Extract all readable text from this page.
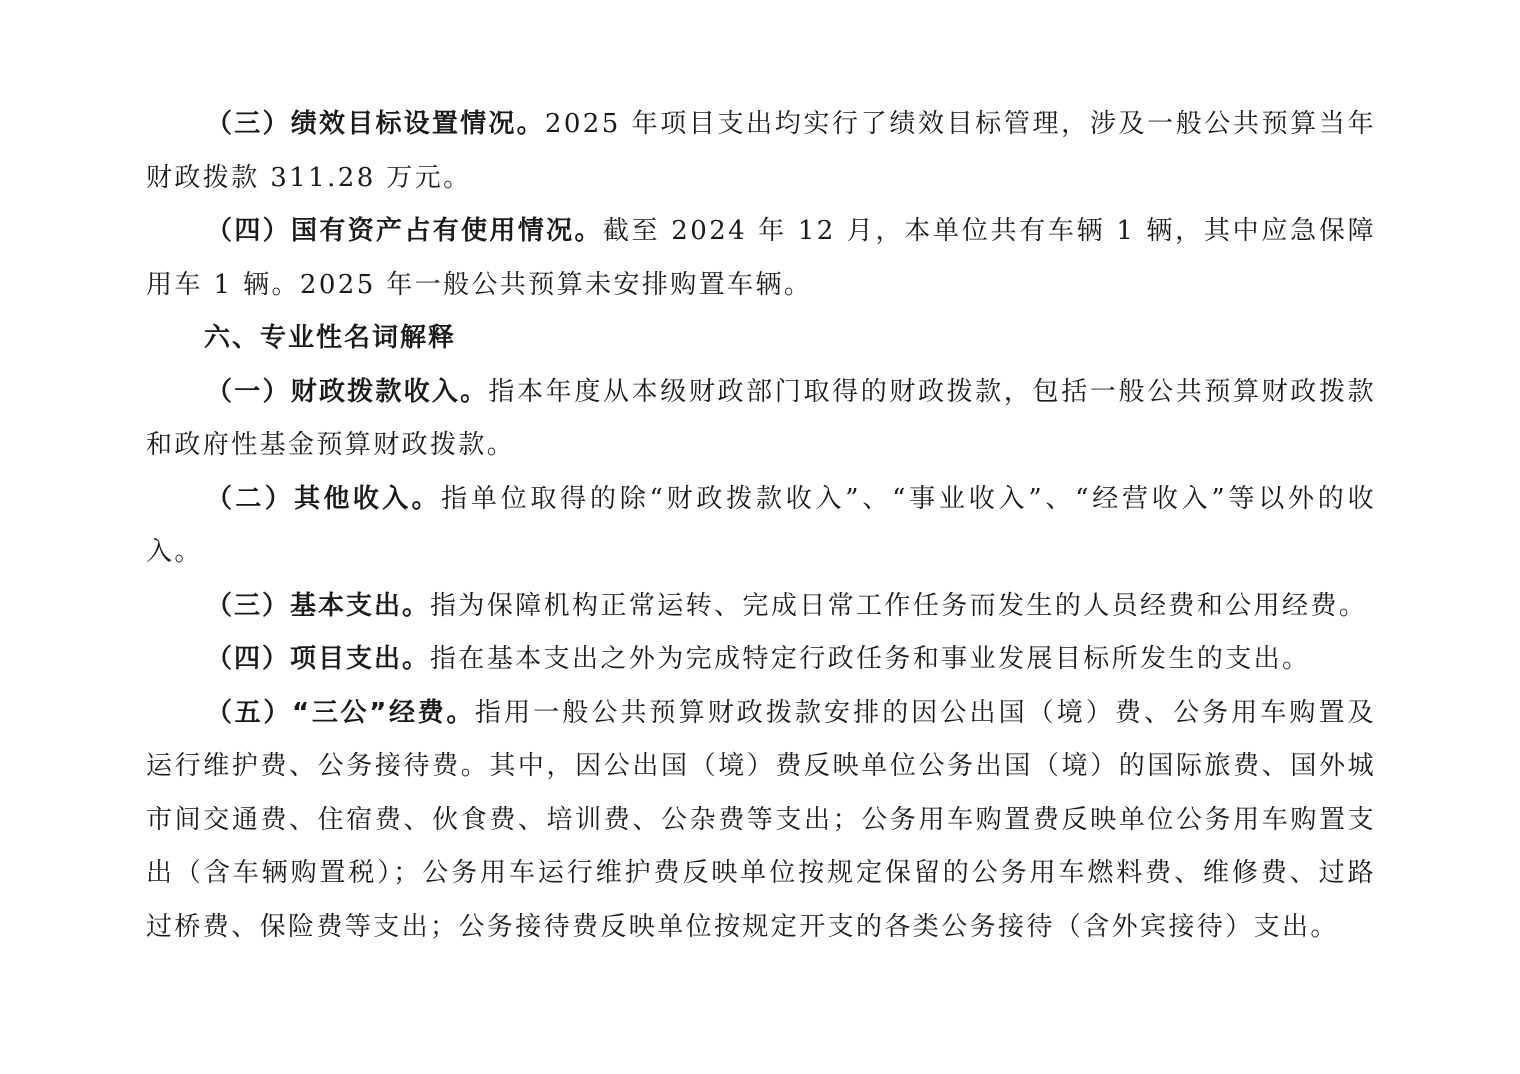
（三）绩效目标设置情况。2025 年项目支出均实行了绩效目标管理，涉及一般公共预算当年财政拨款 311.28 万元。

（四）国有资产占有使用情况。截至 2024 年 12 月，本单位共有车辆 1 辆，其中应急保障用车 1 辆。2025 年一般公共预算未安排购置车辆。

六、专业性名词解释

（一）财政拨款收入。指本年度从本级财政部门取得的财政拨款，包括一般公共预算财政拨款和政府性基金预算财政拨款。

（二）其他收入。指单位取得的除“财政拨款收入”、“事业收入”、“经营收入”等以外的收入。

（三）基本支出。指为保障机构正常运转、完成日常工作任务而发生的人员经费和公用经费。

（四）项目支出。指在基本支出之外为完成特定行政任务和事业发展目标所发生的支出。

（五）“三公”经费。指用一般公共预算财政拨款安排的因公出国（境）费、公务用车购置及运行维护费、公务接待费。其中，因公出国（境）费反映单位公务出国（境）的国际旅费、国外城市间交通费、住宿费、伙食费、培训费、公杂费等支出；公务用车购置费反映单位公务用车购置支出（含车辆购置税）；公务用车运行维护费反映单位按规定保留的公务用车燃料费、维修费、过路过桥费、保险费等支出；公务接待费反映单位按规定开支的各类公务接待（含外宾接待）支出。
